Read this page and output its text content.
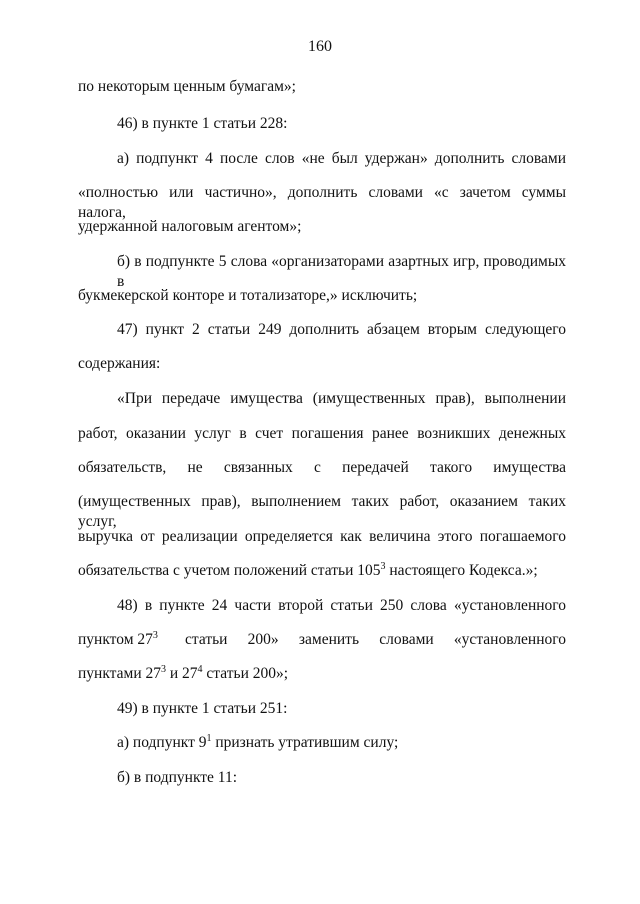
160
по некоторым ценным бумагам»;
46) в пункте 1 статьи 228:
а) подпункт 4 после слов «не был удержан» дополнить словами
«полностью или частично», дополнить словами «с зачетом суммы налога,
удержанной налоговым агентом»;
б) в подпункте 5 слова «организаторами азартных игр, проводимых в
букмекерской конторе и тотализаторе,» исключить;
47) пункт 2 статьи 249 дополнить абзацем вторым следующего
содержания:
«При передаче имущества (имущественных прав), выполнении
работ, оказании услуг в счет погашения ранее возникших денежных
обязательств, не связанных с передачей такого имущества
(имущественных прав), выполнением таких работ, оказанием таких услуг,
выручка от реализации определяется как величина этого погашаемого
обязательства с учетом положений статьи $105^3$ настоящего Кодекса.»;
48) в пункте 24 части второй статьи 250 слова «установленного
пунктом $27^3$ статьи 200» заменить словами «установленного
пунктами $27^3$ и $27^4$ статьи 200»;
49) в пункте 1 статьи 251:
а) подпункт $9^1$ признать утратившим силу;
б) в подпункте 11:
